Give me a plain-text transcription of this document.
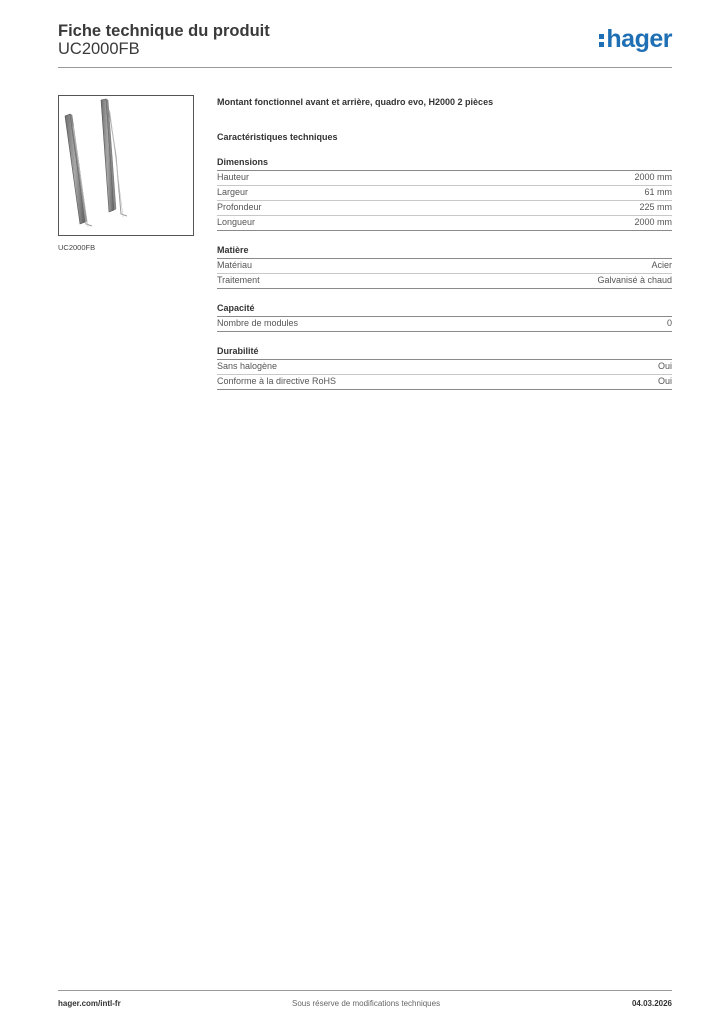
Fiche technique du produit
UC2000FB	hager
UC2000FB
Montant fonctionnel avant et arrière, quadro evo, H2000 2 pièces
Caractéristiques techniques
Dimensions
Hauteur	2000 mm
Largeur	61 mm
Profondeur	225 mm
Longueur	2000 mm
Matière
Matériau	Acier
Traitement	Galvanisé à chaud
Capacité
Nombre de modules	0
Durabilité
Sans halogène	Oui
Conforme à la directive RoHS	Oui
hager.com/intl-fr	Sous réserve de modifications techniques	04.03.2026
